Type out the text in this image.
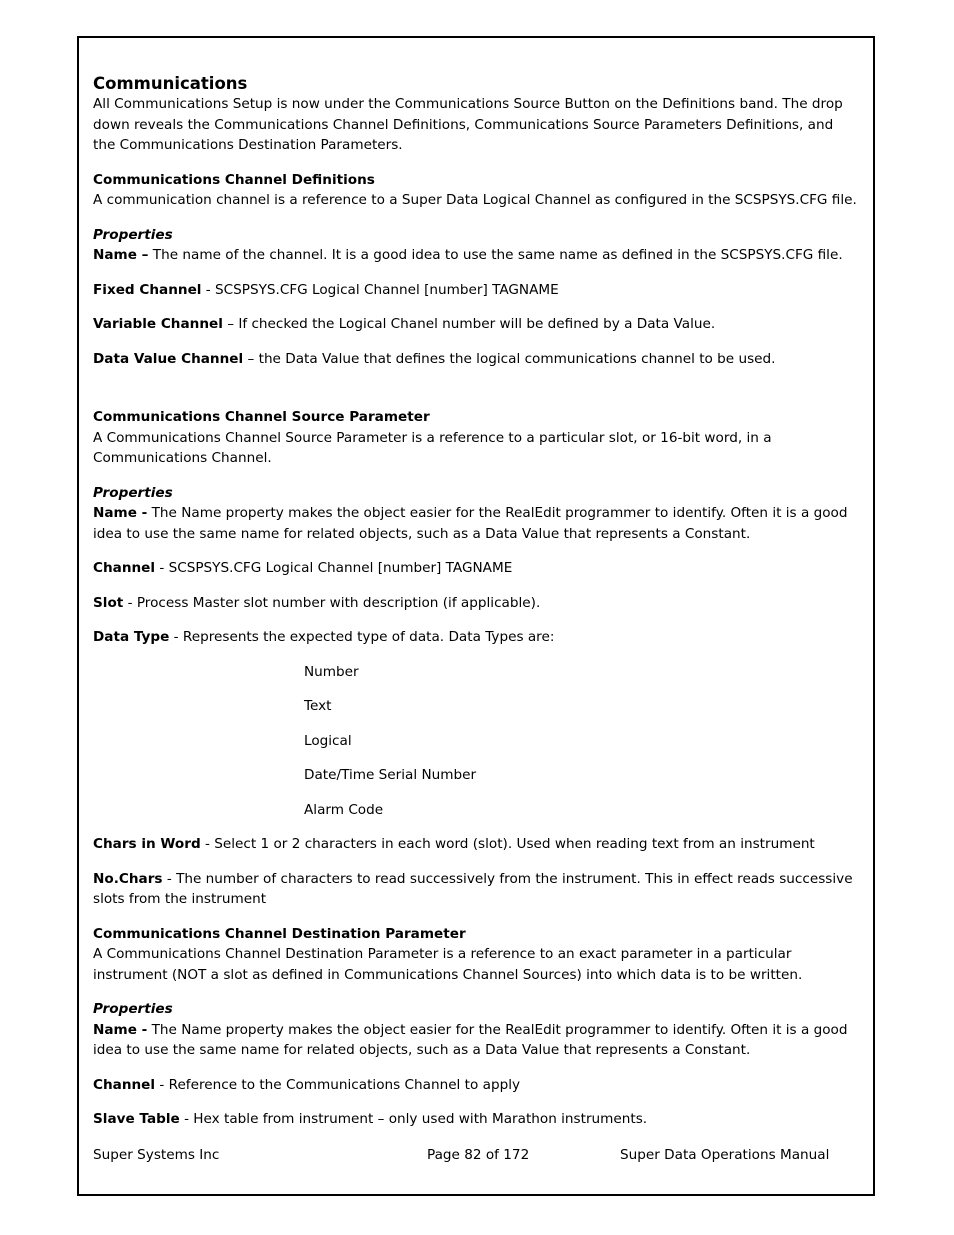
Communications

All Communications Setup is now under the Communications Source Button on the Definitions band. The drop down reveals the Communications Channel Definitions, Communications Source Parameters Definitions, and the Communications Destination Parameters.

Communications Channel Definitions

A communication channel is a reference to a Super Data Logical Channel as configured in the SCSPSYS.CFG file.

Properties

Name – The name of the channel. It is a good idea to use the same name as defined in the SCSPSYS.CFG file.

Fixed Channel - SCSPSYS.CFG Logical Channel [number] TAGNAME

Variable Channel – If checked the Logical Chanel number will be defined by a Data Value.

Data Value Channel – the Data Value that defines the logical communications channel to be used.

Communications Channel Source Parameter

A Communications Channel Source Parameter is a reference to a particular slot, or 16-bit word, in a Communications Channel.

Properties

Name - The Name property makes the object easier for the RealEdit programmer to identify. Often it is a good idea to use the same name for related objects, such as a Data Value that represents a Constant.

Channel - SCSPSYS.CFG Logical Channel [number] TAGNAME

Slot - Process Master slot number with description (if applicable).

Data Type - Represents the expected type of data. Data Types are:

Number

Text

Logical

Date/Time Serial Number

Alarm Code

Chars in Word - Select 1 or 2 characters in each word (slot). Used when reading text from an instrument

No.Chars - The number of characters to read successively from the instrument. This in effect reads successive slots from the instrument

Communications Channel Destination Parameter

A Communications Channel Destination Parameter is a reference to an exact parameter in a particular instrument (NOT a slot as defined in Communications Channel Sources) into which data is to be written.

Properties

Name - The Name property makes the object easier for the RealEdit programmer to identify. Often it is a good idea to use the same name for related objects, such as a Data Value that represents a Constant.

Channel - Reference to the Communications Channel to apply

Slave Table - Hex table from instrument – only used with Marathon instruments.

Super Systems Inc	Page 82 of 172	Super Data Operations Manual
